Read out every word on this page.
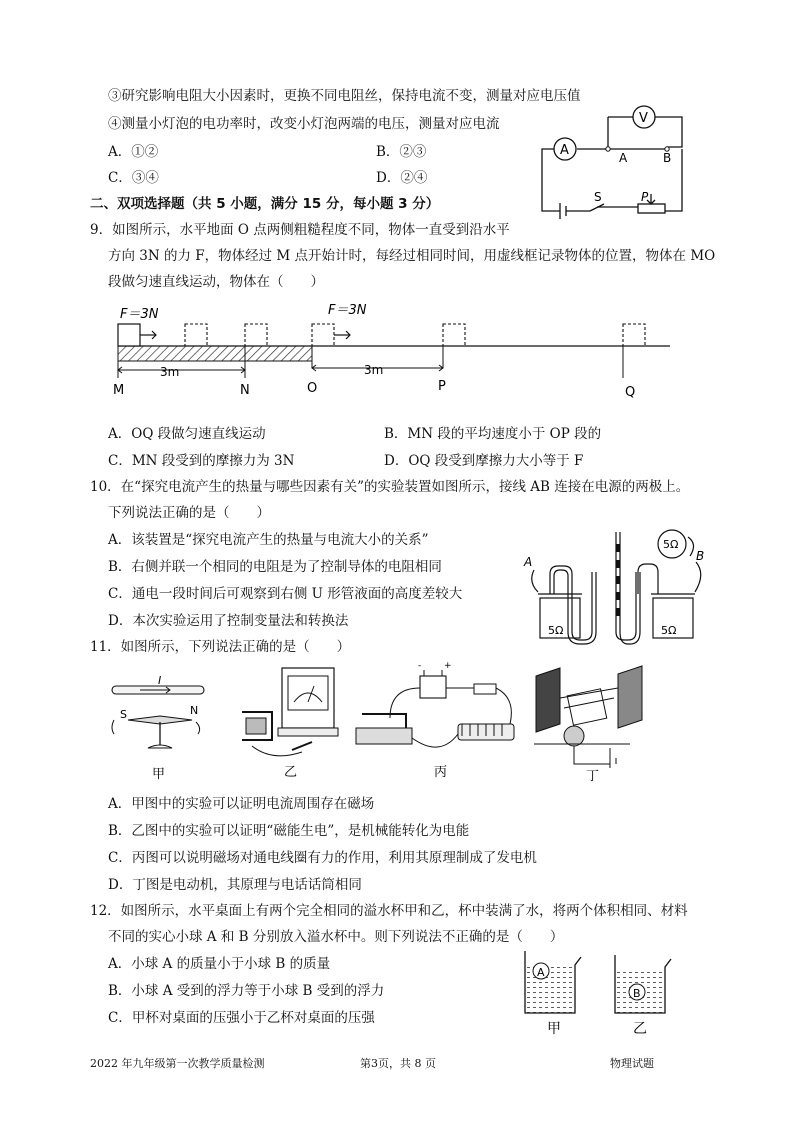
③研究影响电阻大小因素时，更换不同电阻丝，保持电流不变，测量对应电压值
④测量小灯泡的电功率时，改变小灯泡两端的电压，测量对应电流
A．①②	B．②③
C．③④	D．②④
A
V
A	B
S	P
二、双项选择题（共 5 小题，满分 15 分，每小题 3 分）
9．如图所示，水平地面 O 点两侧粗糙程度不同，物体一直受到沿水平
方向 3N 的力 F，物体经过 M 点开始计时，每经过相同时间，用虚线框记录物体的位置，物体在 MO
段做匀速直线运动，物体在（　　）
F＝3N	F＝3N
3m	3m
M	N	O	P	Q
A．OQ 段做匀速直线运动	B．MN 段的平均速度小于 OP 段的
C．MN 段受到的摩擦力为 3N	D．OQ 段受到摩擦力大小等于 F
10．在“探究电流产生的热量与哪些因素有关”的实验装置如图所示，接线 AB 连接在电源的两极上。
下列说法正确的是（　　）
A．该装置是“探究电流产生的热量与电流大小的关系”
B．右侧并联一个相同的电阻是为了控制导体的电阻相同
C．通电一段时间后可观察到右侧 U 形管液面的高度差较大
D．本次实验运用了控制变量法和转换法
A	B
5Ω	5Ω
5Ω
11．如图所示，下列说法正确的是（　　）
I
S	N
甲	乙
-	+
丙	丁
A．甲图中的实验可以证明电流周围存在磁场
B．乙图中的实验可以证明“磁能生电”，是机械能转化为电能
C．丙图可以说明磁场对通电线圈有力的作用，利用其原理制成了发电机
D．丁图是电动机，其原理与电话话筒相同
12．如图所示，水平桌面上有两个完全相同的溢水杯甲和乙，杯中装满了水，将两个体积相同、材料
不同的实心小球 A 和 B 分别放入溢水杯中。则下列说法不正确的是（　　）
A．小球 A 的质量小于小球 B 的质量
B．小球 A 受到的浮力等于小球 B 受到的浮力
C．甲杯对桌面的压强小于乙杯对桌面的压强
A
B
甲	乙
2022 年九年级第一次教学质量检测	第3页，共 8 页	物理试题
